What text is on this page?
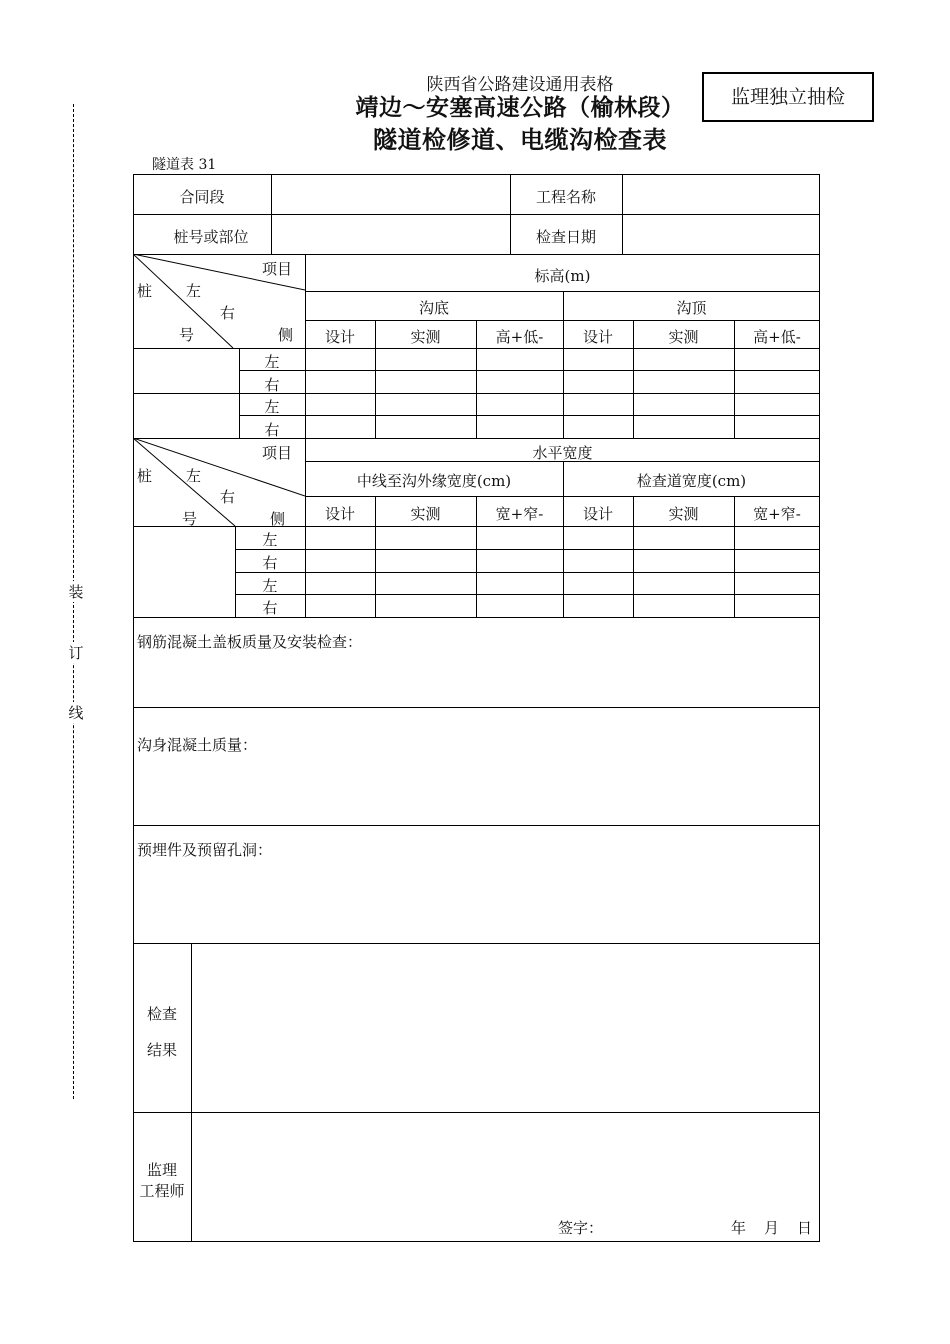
装
订
线
陕西省公路建设通用表格
靖边～安塞高速公路（榆林段）
隧道检修道、电缆沟检查表
监理独立抽检
隧道表 31
合同段	工程名称
桩号或部位	检查日期
项目
桩 左
右
号	侧
标高(m)
沟底	沟顶
设计	实测	高+低-	设计	实测	高+低-
左
右
左
右
项目
桩 左
右
号	侧
水平宽度
中线至沟外缘宽度(cm)	检查道宽度(cm)
设计	实测	宽+窄-	设计	实测	宽+窄-
左
右
左
右
钢筋混凝土盖板质量及安装检查：
沟身混凝土质量：
预埋件及预留孔洞：
检查
结果
监理
工程师
签字：	年 月 日
